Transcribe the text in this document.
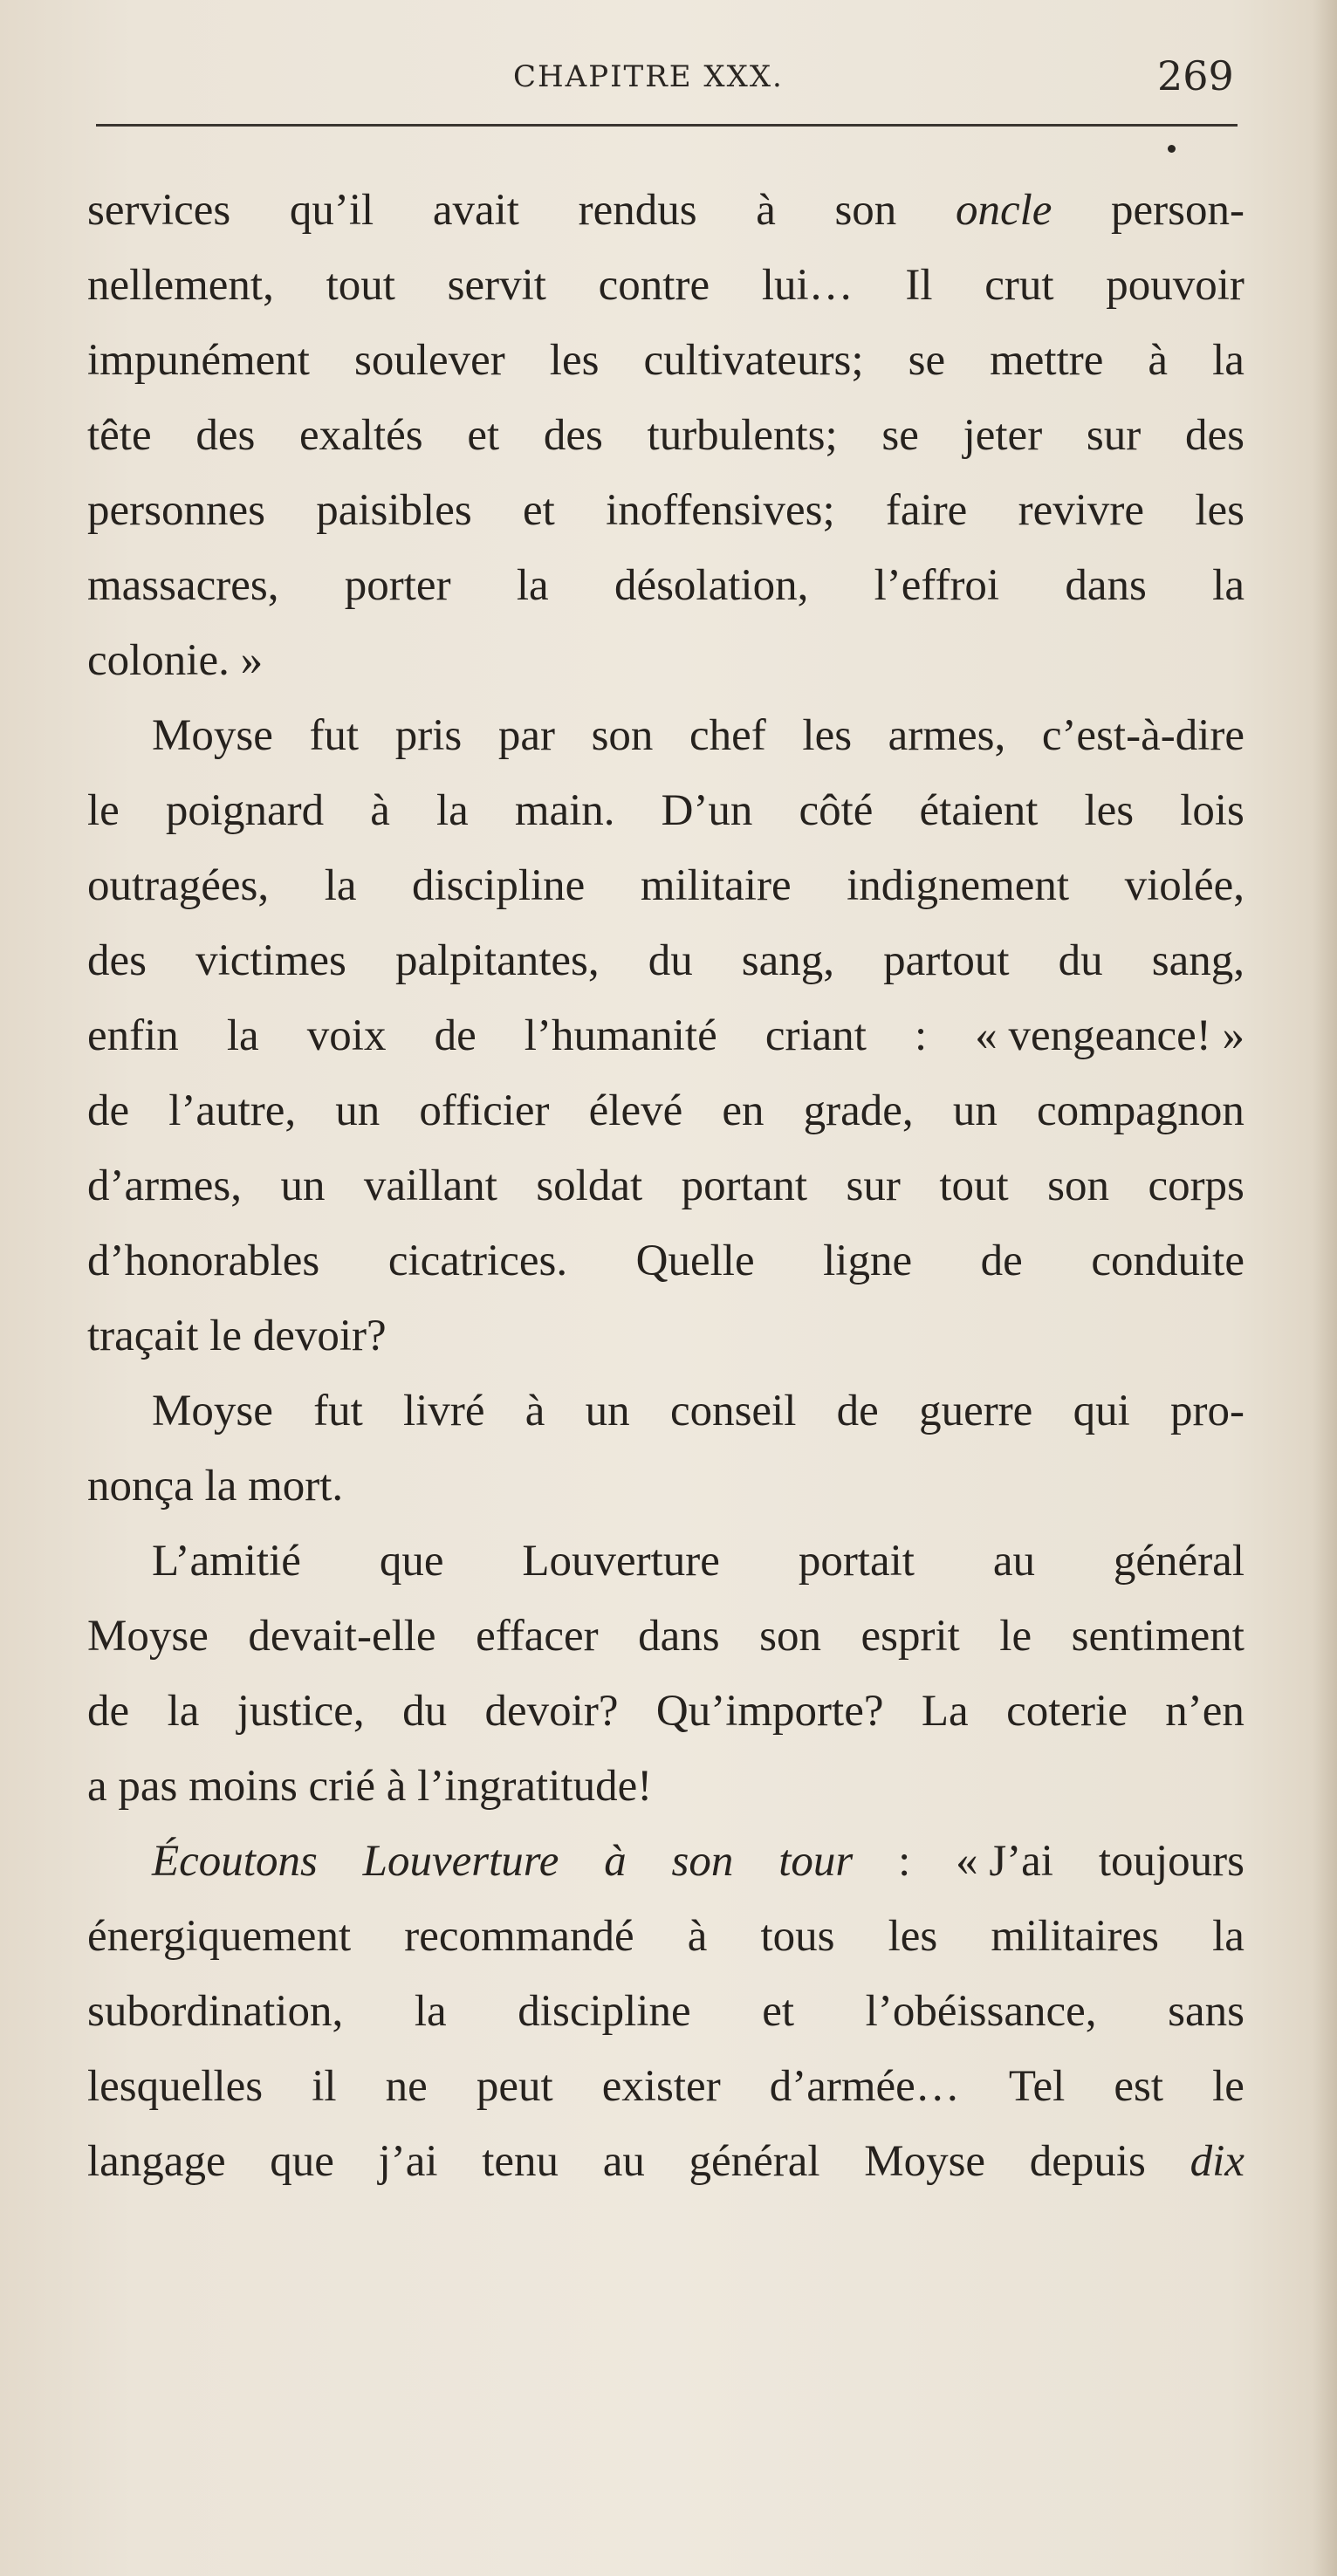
CHAPITRE XXX.	269
services qu’il avait rendus à son oncle person-
nellement, tout servit contre lui… Il crut pouvoir
impunément soulever les cultivateurs; se mettre à la
tête des exaltés et des turbulents; se jeter sur des
personnes paisibles et inoffensives; faire revivre les
massacres, porter la désolation, l’effroi dans la
colonie. »
Moyse fut pris par son chef les armes, c’est-à-dire
le poignard à la main. D’un côté étaient les lois
outragées, la discipline militaire indignement violée,
des victimes palpitantes, du sang, partout du sang,
enfin la voix de l’humanité criant : « vengeance! »
de l’autre, un officier élevé en grade, un compagnon
d’armes, un vaillant soldat portant sur tout son corps
d’honorables cicatrices. Quelle ligne de conduite
traçait le devoir?
Moyse fut livré à un conseil de guerre qui pro-
nonça la mort.
L’amitié que Louverture portait au général
Moyse devait-elle effacer dans son esprit le sentiment
de la justice, du devoir? Qu’importe? La coterie n’en
a pas moins crié à l’ingratitude!
Écoutons Louverture à son tour : « J’ai toujours
énergiquement recommandé à tous les militaires la
subordination, la discipline et l’obéissance, sans
lesquelles il ne peut exister d’armée… Tel est le
langage que j’ai tenu au général Moyse depuis dix
